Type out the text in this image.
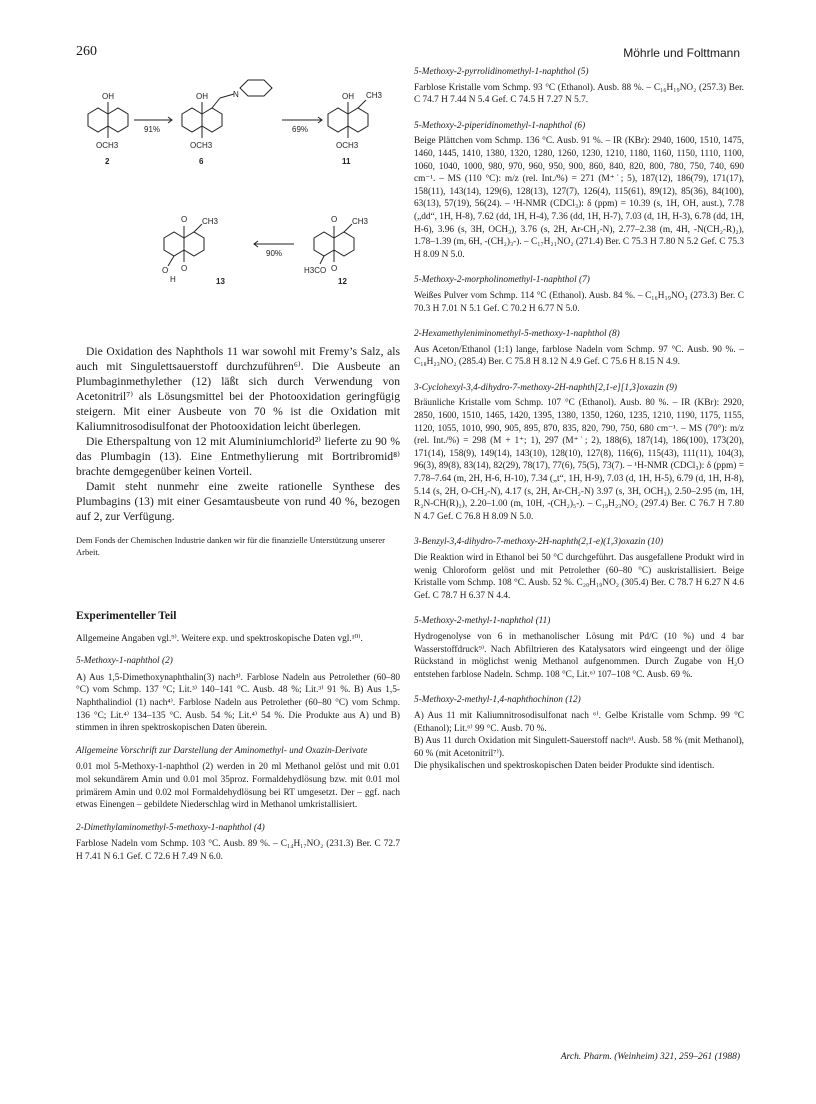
260	Möhrle und Folttmann
OH
OCH3
2
91%
OH	N
OCH3
6
69%
OH CH3
OCH3
11
O
O
CH3
O
H	13
90%
O
O
CH3
H3CO
12

Die Oxidation des Naphthols 11 war sowohl mit Fremy’s Salz, als auch mit Singulettsauerstoff durchzuführen⁶⁾. Die Ausbeute an Plumbaginmethylether (12) läßt sich durch Verwendung von Acetonitril⁷⁾ als Lösungsmittel bei der Photooxidation geringfügig steigern. Mit einer Ausbeute von 70 % ist die Oxidation mit Kaliumnitrosodisulfonat der Photooxidation leicht überlegen.

Die Etherspaltung von 12 mit Aluminiumchlorid²⁾ lieferte zu 90 % das Plumbagin (13). Eine Entmethylierung mit Bortribromid⁸⁾ brachte demgegenüber keinen Vorteil.

Damit steht nunmehr eine zweite rationelle Synthese des Plumbagins (13) mit einer Gesamtausbeute von rund 40 %, bezogen auf 2, zur Verfügung.

Dem Fonds der Chemischen Industrie danken wir für die finanzielle Unterstützung unserer Arbeit.
Experimenteller Teil

Allgemeine Angaben vgl.⁹⁾. Weitere exp. und spektroskopische Daten vgl.¹⁰⁾.

5-Methoxy-1-naphthol (2)

A) Aus 1,5-Dimethoxynaphthalin(3) nach³⁾. Farblose Nadeln aus Petrolether (60–80 °C) vom Schmp. 137 °C; Lit.³⁾ 140–141 °C. Ausb. 48 %; Lit.³⁾ 91 %. B) Aus 1,5-Naphthalindiol (1) nach⁴⁾. Farblose Nadeln aus Petrolether (60–80 °C) vom Schmp. 136 °C; Lit.⁴⁾ 134–135 °C. Ausb. 54 %; Lit.⁴⁾ 54 %. Die Produkte aus A) und B) stimmen in ihren spektroskopischen Daten überein.

Allgemeine Vorschrift zur Darstellung der Aminomethyl- und Oxazin-Derivate

0.01 mol 5-Methoxy-1-naphthol (2) werden in 20 ml Methanol gelöst und mit 0.01 mol sekundärem Amin und 0.01 mol 35proz. Formaldehydlösung bzw. mit 0.01 mol primärem Amin und 0.02 mol Formaldehydlösung bei RT umgesetzt. Der – ggf. nach etwas Einengen – gebildete Niederschlag wird in Methanol umkristallisiert.

2-Dimethylaminomethyl-5-methoxy-1-naphthol (4)

Farblose Nadeln vom Schmp. 103 °C. Ausb. 89 %. – C₁₄H₁₇NO₂ (231.3) Ber. C 72.7 H 7.41 N 6.1 Gef. C 72.6 H 7.49 N 6.0.

5-Methoxy-2-pyrrolidinomethyl-1-naphthol (5)
Farblose Kristalle vom Schmp. 93 °C (Ethanol). Ausb. 88 %. – C₁₆H₁₉NO₂ (257.3) Ber. C 74.7 H 7.44 N 5.4 Gef. C 74.5 H 7.27 N 5.7.
5-Methoxy-2-piperidinomethyl-1-naphthol (6)
Beige Plättchen vom Schmp. 136 °C. Ausb. 91 %. – IR (KBr): 2940, 1600, 1510, 1475, 1460, 1445, 1410, 1380, 1320, 1280, 1260, 1230, 1210, 1180, 1160, 1150, 1110, 1100, 1060, 1040, 1000, 980, 970, 960, 950, 900, 860, 840, 820, 800, 780, 750, 740, 690 cm⁻¹. – MS (110 °C): m/z (rel. Int./%) = 271 (M⁺˙; 5), 187(12), 186(79), 171(17), 158(11), 143(14), 129(6), 128(13), 127(7), 126(4), 115(61), 89(12), 85(36), 84(100), 63(13), 57(19), 56(24). – ¹H-NMR (CDCl₃): δ (ppm) = 10.39 (s, 1H, OH, aust.), 7.78 („dd“, 1H, H-8), 7.62 (dd, 1H, H-4), 7.36 (dd, 1H, H-7), 7.03 (d, 1H, H-3), 6.78 (dd, 1H, H-6), 3.96 (s, 3H, OCH₃), 3.76 (s, 2H, Ar-CH₂-N), 2.77–2.38 (m, 4H, -N(CH₂-R)₂), 1.78–1.39 (m, 6H, -(CH₂)₃-). – C₁₇H₂₁NO₂ (271.4) Ber. C 75.3 H 7.80 N 5.2 Gef. C 75.3 H 8.09 N 5.0.
5-Methoxy-2-morpholinomethyl-1-naphthol (7)
Weißes Pulver vom Schmp. 114 °C (Ethanol). Ausb. 84 %. – C₁₆H₁₉NO₃ (273.3) Ber. C 70.3 H 7.01 N 5.1 Gef. C 70.2 H 6.77 N 5.0.
2-Hexamethyleniminomethyl-5-methoxy-1-naphthol (8)
Aus Aceton/Ethanol (1:1) lange, farblose Nadeln vom Schmp. 97 °C. Ausb. 90 %. – C₁₈H₂₃NO₂ (285.4) Ber. C 75.8 H 8.12 N 4.9 Gef. C 75.6 H 8.15 N 4.9.
3-Cyclohexyl-3,4-dihydro-7-methoxy-2H-naphth[2,1-e][1,3]oxazin (9)
Bräunliche Kristalle vom Schmp. 107 °C (Ethanol). Ausb. 80 %. – IR (KBr): 2920, 2850, 1600, 1510, 1465, 1420, 1395, 1380, 1350, 1260, 1235, 1210, 1190, 1175, 1155, 1120, 1055, 1010, 990, 905, 895, 870, 835, 820, 790, 750, 680 cm⁻¹. – MS (70°): m/z (rel. Int./%) = 298 (M + 1⁺; 1), 297 (M⁺˙; 2), 188(6), 187(14), 186(100), 173(20), 171(14), 158(9), 149(14), 143(10), 128(10), 127(8), 116(6), 115(43), 111(11), 104(3), 96(3), 89(8), 83(14), 82(29), 78(17), 77(6), 75(5), 73(7). – ¹H-NMR (CDCl₃): δ (ppm) = 7.78–7.64 (m, 2H, H-6, H-10), 7.34 („t“, 1H, H-9), 7.03 (d, 1H, H-5), 6.79 (d, 1H, H-8), 5.14 (s, 2H, O-CH₂-N), 4.17 (s, 2H, Ar-CH₂-N) 3.97 (s, 3H, OCH₃), 2.50–2.95 (m, 1H, R₂N-CH(R)₂), 2.20–1.00 (m, 10H, -(CH₂)₅-). – C₁₉H₂₃NO₂ (297.4) Ber. C 76.7 H 7.80 N 4.7 Gef. C 76.8 H 8.09 N 5.0.
3-Benzyl-3,4-dihydro-7-methoxy-2H-naphth(2,1-e)(1,3)oxazin (10)
Die Reaktion wird in Ethanol bei 50 °C durchgeführt. Das ausgefallene Produkt wird in wenig Chloroform gelöst und mit Petrolether (60–80 °C) auskristallisiert. Beige Kristalle vom Schmp. 108 °C. Ausb. 52 %. C₂₀H₁₉NO₂ (305.4) Ber. C 78.7 H 6.27 N 4.6 Gef. C 78.7 H 6.37 N 4.4.
5-Methoxy-2-methyl-1-naphthol (11)
Hydrogenolyse von 6 in methanolischer Lösung mit Pd/C (10 %) und 4 bar Wasserstoffdruck⁹⁾. Nach Abfiltrieren des Katalysators wird eingeengt und der ölige Rückstand in möglichst wenig Methanol aufgenommen. Durch Zugabe von H₂O entstehen farblose Nadeln. Schmp. 108 °C, Lit.⁶⁾ 107–108 °C. Ausb. 69 %.
5-Methoxy-2-methyl-1,4-naphthochinon (12)
A) Aus 11 mit Kaliumnitrosodisulfonat nach ⁶⁾. Gelbe Kristalle vom Schmp. 99 °C (Ethanol); Lit.⁶⁾ 99 °C. Ausb. 70 %.
B) Aus 11 durch Oxidation mit Singulett-Sauerstoff nach⁶⁾. Ausb. 58 % (mit Methanol), 60 % (mit Acetonitril⁷⁾).
Die physikalischen und spektroskopischen Daten beider Produkte sind identisch.
Arch. Pharm. (Weinheim) 321, 259–261 (1988)
